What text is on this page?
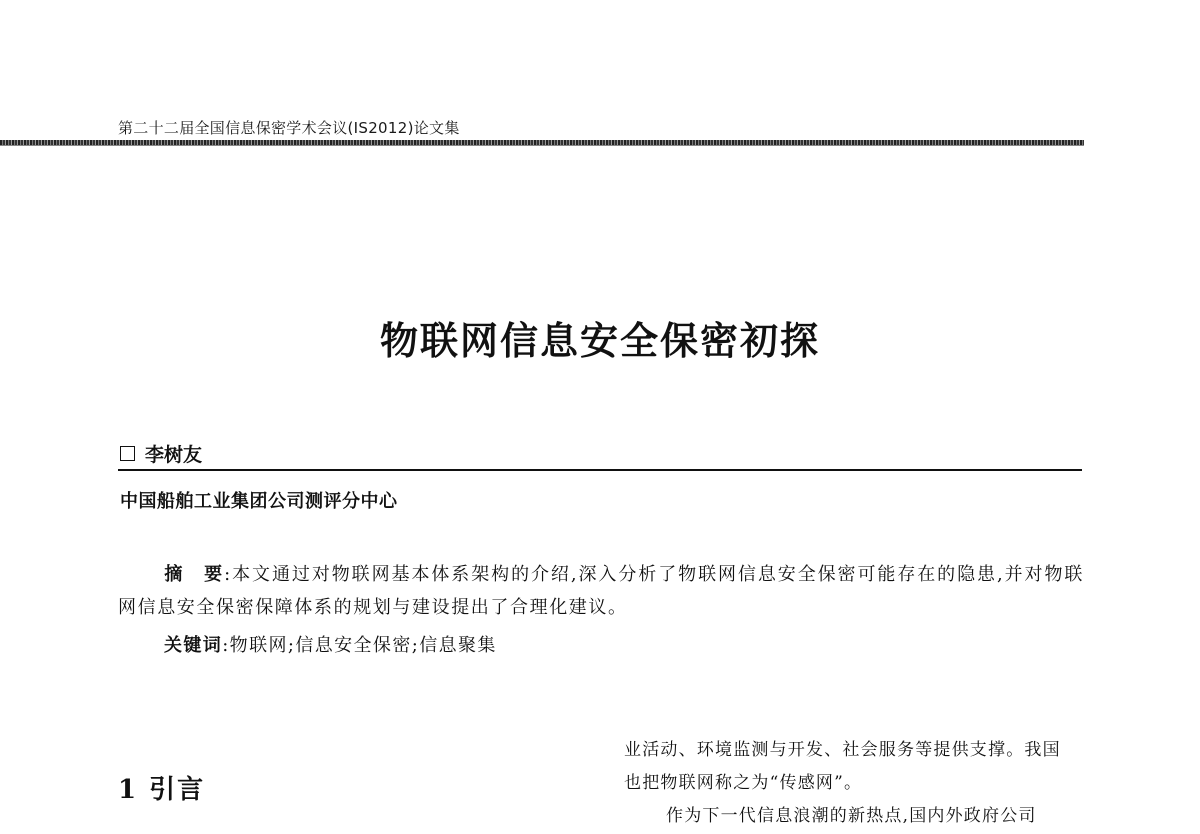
第二十二届全国信息保密学术会议(IS2012)论文集
物联网信息安全保密初探
李树友
中国船舶工业集团公司测评分中心
摘　要:本文通过对物联网基本体系架构的介绍,深入分析了物联网信息安全保密可能存在的隐患,并对物联网信息安全保密保障体系的规划与建设提出了合理化建议。
关键词:物联网;信息安全保密;信息聚集
1 引言

业活动、环境监测与开发、社会服务等提供支撑。我国

也把物联网称之为“传感网”。

作为下一代信息浪潮的新热点,国内外政府公司
